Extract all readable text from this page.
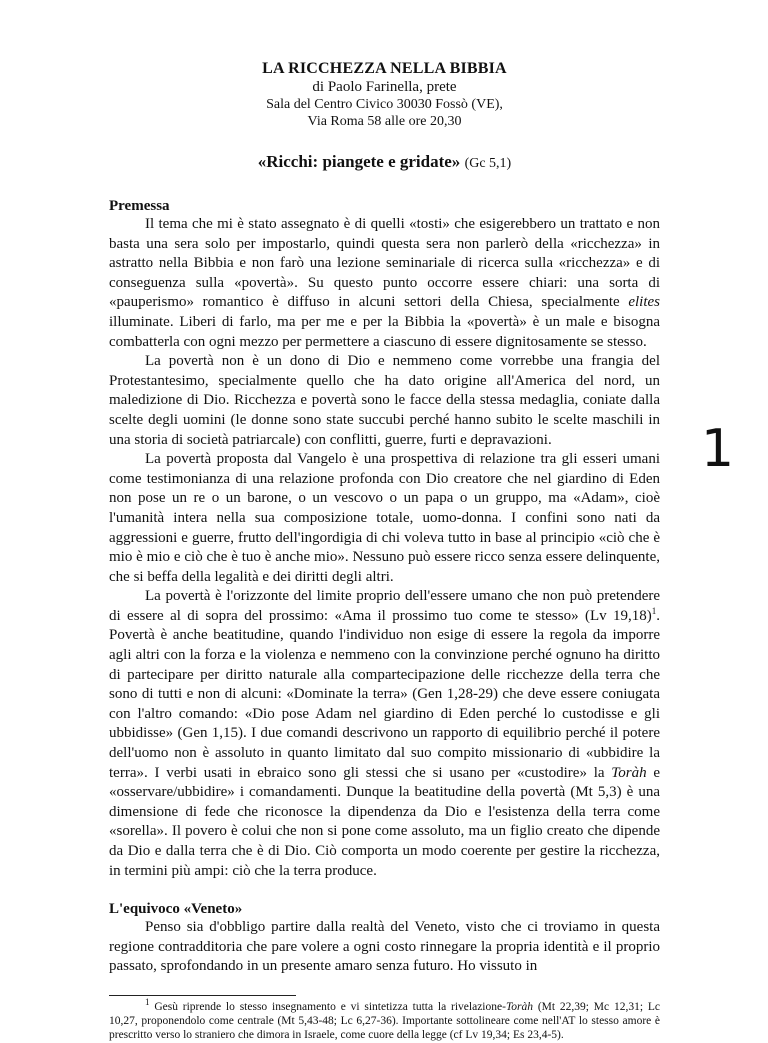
LA RICCHEZZA NELLA BIBBIA

di Paolo Farinella, prete

Sala del Centro Civico 30030 Fossò (VE),

Via Roma 58 alle ore 20,30

«Ricchi: piangete e gridate» (Gc 5,1)
Premessa

Il tema che mi è stato assegnato è di quelli «tosti» che esigerebbero un trattato e non basta una sera solo per impostarlo, quindi questa sera non parlerò della «ricchezza» in astratto nella Bibbia e non farò una lezione seminariale di ricerca sulla «ricchezza» e di conseguenza sulla «povertà». Su questo punto occorre essere chiari: una sorta di «pauperismo» romantico è diffuso in alcuni settori della Chiesa, specialmente elites illuminate. Liberi di farlo, ma per me e per la Bibbia la «povertà» è un male e bisogna combatterla con ogni mezzo per permettere a ciascuno di essere dignitosamente se stesso.

La povertà non è un dono di Dio e nemmeno come vorrebbe una frangia del Protestantesimo, specialmente quello che ha dato origine all'America del nord, un maledizione di Dio. Ricchezza e povertà sono le facce della stessa medaglia, coniate dalla scelte degli uomini (le donne sono state succubi perché hanno subito le scelte maschili in una storia di società patriarcale) con conflitti, guerre, furti e depravazioni.

La povertà proposta dal Vangelo è una prospettiva di relazione tra gli esseri umani come testimonianza di una relazione profonda con Dio creatore che nel giardino di Eden non pose un re o un barone, o un vescovo o un papa o un gruppo, ma «Adam», cioè l'umanità intera nella sua composizione totale, uomo-donna. I confini sono nati da aggressioni e guerre, frutto dell'ingordigia di chi voleva tutto in base al principio «ciò che è mio è mio e ciò che è tuo è anche mio». Nessuno può essere ricco senza essere delinquente, che si beffa della legalità e dei diritti degli altri.

La povertà è l'orizzonte del limite proprio dell'essere umano che non può pretendere di essere al di sopra del prossimo: «Ama il prossimo tuo come te stesso» (Lv 19,18)$^1$. Povertà è anche beatitudine, quando l'individuo non esige di essere la regola da imporre agli altri con la forza e la violenza e nemmeno con la convinzione perché ognuno ha diritto di partecipare per diritto naturale alla compartecipazione delle ricchezze della terra che sono di tutti e non di alcuni: «Dominate la terra» (Gen 1,28-29) che deve essere coniugata con l'altro comando: «Dio pose Adam nel giardino di Eden perché lo custodisse e gli ubbidisse» (Gen 1,15). I due comandi descrivono un rapporto di equilibrio perché il potere dell'uomo non è assoluto in quanto limitato dal suo compito missionario di «ubbidire la terra». I verbi usati in ebraico sono gli stessi che si usano per «custodire» la Toràh e «osservare/ubbidire» i comandamenti. Dunque la beatitudine della povertà (Mt 5,3) è una dimensione di fede che riconosce la dipendenza da Dio e l'esistenza della terra come «sorella». Il povero è colui che non si pone come assoluto, ma un figlio creato che dipende da Dio e dalla terra che è di Dio. Ciò comporta un modo coerente per gestire la ricchezza, in termini più ampi: ciò che la terra produce.

L'equivoco «Veneto»

Penso sia d'obbligo partire dalla realtà del Veneto, visto che ci troviamo in questa regione contradditoria che pare volere a ogni costo rinnegare la propria identità e il proprio passato, sprofondando in un presente amaro senza futuro. Ho vissuto in

$^1$ Gesù riprende lo stesso insegnamento e vi sintetizza tutta la rivelazione-Toràh (Mt 22,39; Mc 12,31; Lc 10,27, proponendolo come centrale (Mt 5,43-48; Lc 6,27-36). Importante sottolineare come nell'AT lo stesso amore è prescritto verso lo straniero che dimora in Israele, come cuore della legge (cf Lv 19,34; Es 23,4-5).
1
